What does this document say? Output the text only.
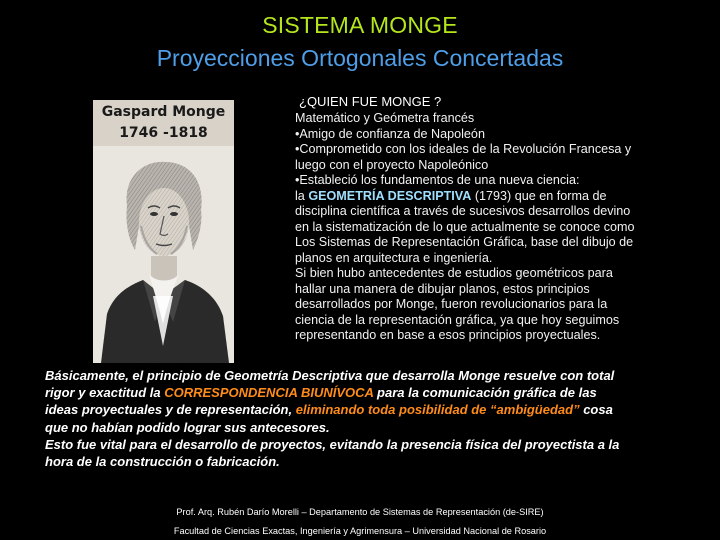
SISTEMA MONGE
Proyecciones Ortogonales Concertadas
Gaspard Monge
1746 -1818
¿QUIEN FUE MONGE ?
Matemático y Geómetra francés
•Amigo de confianza de Napoleón
•Comprometido con los ideales de la Revolución Francesa y
luego con el proyecto Napoleónico
•Estableció los fundamentos de una nueva ciencia:
la GEOMETRÍA DESCRIPTIVA (1793) que en forma de
disciplina científica a través de sucesivos desarrollos devino
en la sistematización de lo que actualmente se conoce como
Los Sistemas de Representación Gráfica, base del dibujo de
planos en arquitectura e ingeniería.
Si bien hubo antecedentes de estudios geométricos para
hallar una manera de dibujar planos, estos principios
desarrollados por Monge, fueron revolucionarios para la
ciencia de la representación gráfica, ya que hoy seguimos
representando en base a esos principios proyectuales.
Básicamente, el principio de Geometría Descriptiva que desarrolla Monge resuelve con total
rigor y exactitud la CORRESPONDENCIA BIUNÍVOCA para la comunicación gráfica de las
ideas proyectuales y de representación, eliminando toda posibilidad de “ambigüedad” cosa
que no habían podido lograr sus antecesores.
Esto fue vital para el desarrollo de proyectos, evitando la presencia física del proyectista a la
hora de la construcción o fabricación.
Prof. Arq. Rubén Darío Morelli – Departamento de Sistemas de Representación (de-SIRE)
Facultad de Ciencias Exactas, Ingeniería y Agrimensura – Universidad Nacional de Rosario
